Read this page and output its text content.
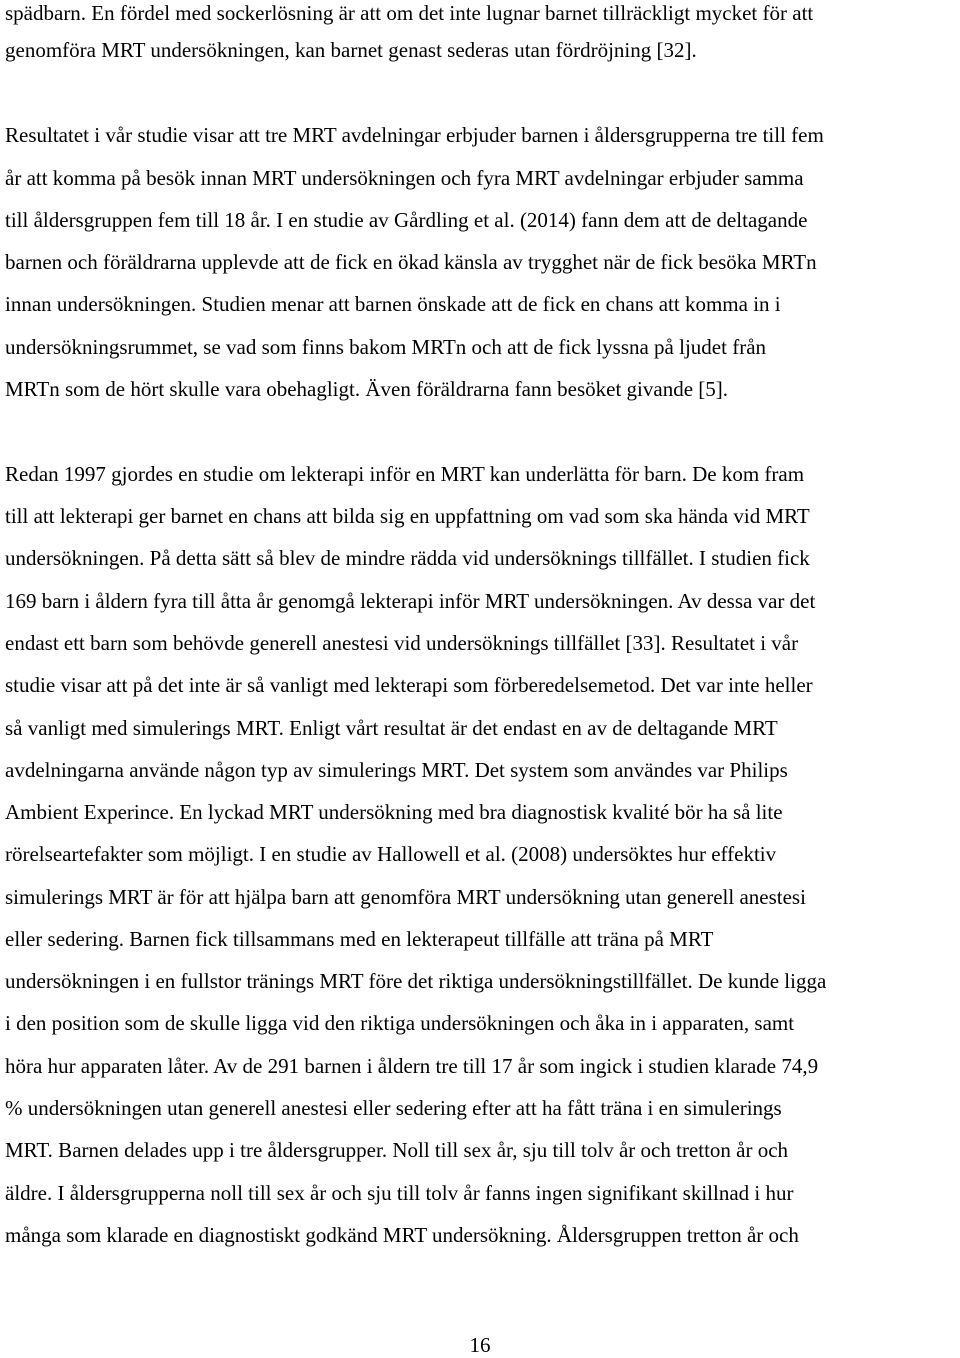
spädbarn. En fördel med sockerlösning är att om det inte lugnar barnet tillräckligt mycket för att
genomföra MRT undersökningen, kan barnet genast sederas utan fördröjning [32].
Resultatet i vår studie visar att tre MRT avdelningar erbjuder barnen i åldersgrupperna tre till fem
år att komma på besök innan MRT undersökningen och fyra MRT avdelningar erbjuder samma
till åldersgruppen fem till 18 år. I en studie av Gårdling et al. (2014) fann dem att de deltagande
barnen och föräldrarna upplevde att de fick en ökad känsla av trygghet när de fick besöka MRTn
innan undersökningen. Studien menar att barnen önskade att de fick en chans att komma in i
undersökningsrummet, se vad som finns bakom MRTn och att de fick lyssna på ljudet från
MRTn som de hört skulle vara obehagligt. Även föräldrarna fann besöket givande [5].
Redan 1997 gjordes en studie om lekterapi inför en MRT kan underlätta för barn. De kom fram
till att lekterapi ger barnet en chans att bilda sig en uppfattning om vad som ska hända vid MRT
undersökningen. På detta sätt så blev de mindre rädda vid undersöknings tillfället. I studien fick
169 barn i åldern fyra till åtta år genomgå lekterapi inför MRT undersökningen. Av dessa var det
endast ett barn som behövde generell anestesi vid undersöknings tillfället [33]. Resultatet i vår
studie visar att på det inte är så vanligt med lekterapi som förberedelsemetod. Det var inte heller
så vanligt med simulerings MRT. Enligt vårt resultat är det endast en av de deltagande MRT
avdelningarna använde någon typ av simulerings MRT. Det system som användes var Philips
Ambient Experince. En lyckad MRT undersökning med bra diagnostisk kvalité bör ha så lite
rörelseartefakter som möjligt. I en studie av Hallowell et al. (2008) undersöktes hur effektiv
simulerings MRT är för att hjälpa barn att genomföra MRT undersökning utan generell anestesi
eller sedering. Barnen fick tillsammans med en lekterapeut tillfälle att träna på MRT
undersökningen i en fullstor tränings MRT före det riktiga undersökningstillfället. De kunde ligga
i den position som de skulle ligga vid den riktiga undersökningen och åka in i apparaten, samt
höra hur apparaten låter. Av de 291 barnen i åldern tre till 17 år som ingick i studien klarade 74,9
% undersökningen utan generell anestesi eller sedering efter att ha fått träna i en simulerings
MRT. Barnen delades upp i tre åldersgrupper. Noll till sex år, sju till tolv år och tretton år och
äldre. I åldersgrupperna noll till sex år och sju till tolv år fanns ingen signifikant skillnad i hur
många som klarade en diagnostiskt godkänd MRT undersökning. Åldersgruppen tretton år och
16
